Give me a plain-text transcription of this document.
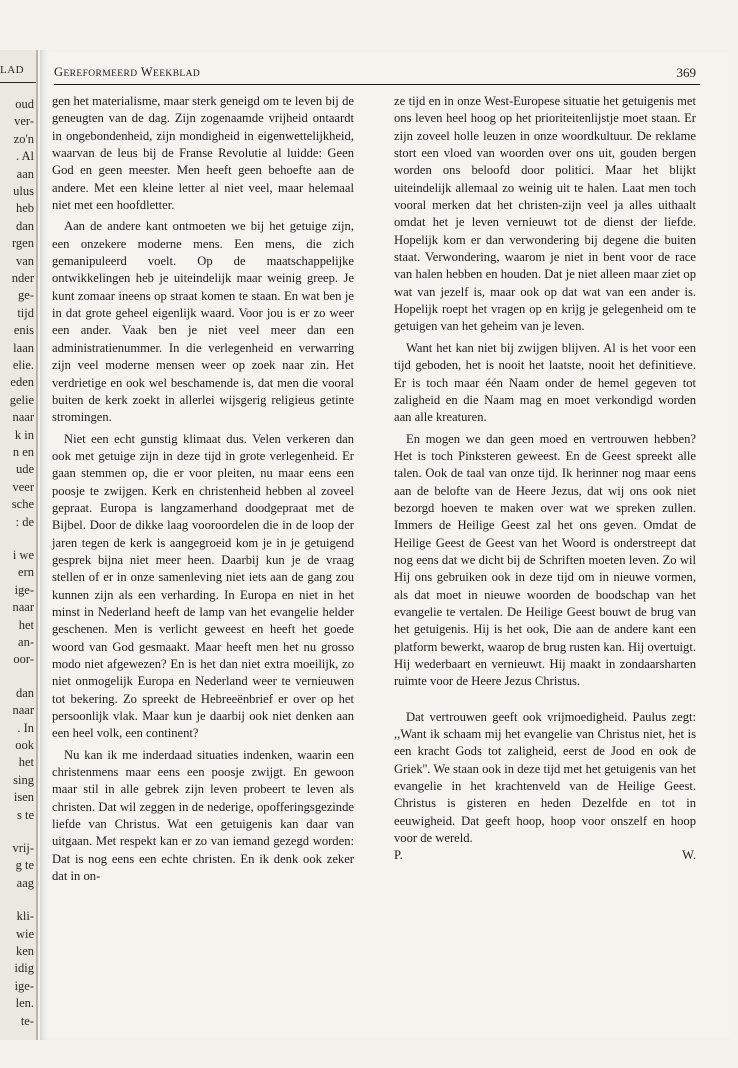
LAD
oud
ver-
zo'n
. Al
aan
ulus
heb
dan
rgen
van
nder
ge-
tijd
enis
laan
elie.
eden
gelie
naar
k in
n en
ude
veer
sche
: de
i we
ern
ige-
naar
het
an-
oor-
dan
naar
. In
ook
het
sing
isen
s te
vrij-
g te
aag
kli-
wie
ken
idig
ige-
len.
te-
GEREFORMEERD WEEKBLAD	369

gen het materialisme, maar sterk geneigd om te leven bij de geneugten van de dag. Zijn zogenaamde vrijheid ontaardt in ongebondenheid, zijn mondigheid in eigenwettelijkheid, waarvan de leus bij de Franse Revolutie al luidde: Geen God en geen meester. Men heeft geen behoefte aan de andere. Met een kleine letter al niet veel, maar helemaal niet met een hoofdletter.

Aan de andere kant ontmoeten we bij het getuige zijn, een onzekere moderne mens. Een mens, die zich gemanipuleerd voelt. Op de maatschappelijke ontwikkelingen heb je uiteindelijk maar weinig greep. Je kunt zomaar ineens op straat komen te staan. En wat ben je in dat grote geheel eigenlijk waard. Voor jou is er zo weer een ander. Vaak ben je niet veel meer dan een administratienummer. In die verlegenheid en verwarring zijn veel moderne mensen weer op zoek naar zin. Het verdrietige en ook wel beschamende is, dat men die vooral buiten de kerk zoekt in allerlei wijsgerig religieus getinte stromingen.

Niet een echt gunstig klimaat dus. Velen verkeren dan ook met getuige zijn in deze tijd in grote verlegenheid. Er gaan stemmen op, die er voor pleiten, nu maar eens een poosje te zwijgen. Kerk en christenheid hebben al zoveel gepraat. Europa is langzamerhand doodgepraat met de Bijbel. Door de dikke laag vooroordelen die in de loop der jaren tegen de kerk is aangegroeid kom je in je getuigend gesprek bijna niet meer heen. Daarbij kun je de vraag stellen of er in onze samenleving niet iets aan de gang zou kunnen zijn als een verharding. In Europa en niet in het minst in Nederland heeft de lamp van het evangelie helder geschenen. Men is verlicht geweest en heeft het goede woord van God gesmaakt. Maar heeft men het nu grosso modo niet afgewezen? En is het dan niet extra moeilijk, zo niet onmogelijk Europa en Nederland weer te vernieuwen tot bekering. Zo spreekt de Hebreeënbrief er over op het persoonlijk vlak. Maar kun je daarbij ook niet denken aan een heel volk, een continent?

Nu kan ik me inderdaad situaties indenken, waarin een christenmens maar eens een poosje zwijgt. En gewoon maar stil in alle gebrek zijn leven probeert te leven als christen. Dat wil zeggen in de nederige, opofferingsgezinde liefde van Christus. Wat een getuigenis kan daar van uitgaan. Met respekt kan er zo van iemand gezegd worden: Dat is nog eens een echte christen. En ik denk ook zeker dat in on-

ze tijd en in onze West-Europese situatie het getuigenis met ons leven heel hoog op het prioriteitenlijstje moet staan. Er zijn zoveel holle leuzen in onze woordkultuur. De reklame stort een vloed van woorden over ons uit, gouden bergen worden ons beloofd door politici. Maar het blijkt uiteindelijk allemaal zo weinig uit te halen. Laat men toch vooral merken dat het christen-zijn veel ja alles uithaalt omdat het je leven vernieuwt tot de dienst der liefde. Hopelijk kom er dan verwondering bij degene die buiten staat. Verwondering, waarom je niet in bent voor de race van halen hebben en houden. Dat je niet alleen maar ziet op wat van jezelf is, maar ook op dat wat van een ander is. Hopelijk roept het vragen op en krijg je gelegenheid om te getuigen van het geheim van je leven.

Want het kan niet bij zwijgen blijven. Al is het voor een tijd geboden, het is nooit het laatste, nooit het definitieve. Er is toch maar één Naam onder de hemel gegeven tot zaligheid en die Naam mag en moet verkondigd worden aan alle kreaturen.

En mogen we dan geen moed en vertrouwen hebben? Het is toch Pinksteren geweest. En de Geest spreekt alle talen. Ook de taal van onze tijd. Ik herinner nog maar eens aan de belofte van de Heere Jezus, dat wij ons ook niet bezorgd hoeven te maken over wat we spreken zullen. Immers de Heilige Geest zal het ons geven. Omdat de Heilige Geest de Geest van het Woord is onderstreept dat nog eens dat we dicht bij de Schriften moeten leven. Zo wil Hij ons gebruiken ook in deze tijd om in nieuwe vormen, als dat moet in nieuwe woorden de boodschap van het evangelie te vertalen. De Heilige Geest bouwt de brug van het getuigenis. Hij is het ook, Die aan de andere kant een platform bewerkt, waarop de brug rusten kan. Hij overtuigt. Hij wederbaart en vernieuwt. Hij maakt in zondaarsharten ruimte voor de Heere Jezus Christus.

Dat vertrouwen geeft ook vrijmoedigheid. Paulus zegt: ,,Want ik schaam mij het evangelie van Christus niet, het is een kracht Gods tot zaligheid, eerst de Jood en ook de Griek''. We staan ook in deze tijd met het getuigenis van het evangelie in het krachtenveld van de Heilige Geest. Christus is gisteren en heden Dezelfde en tot in eeuwigheid. Dat geeft hoop, hoop voor onszelf en hoop voor de wereld.

P.	W.
